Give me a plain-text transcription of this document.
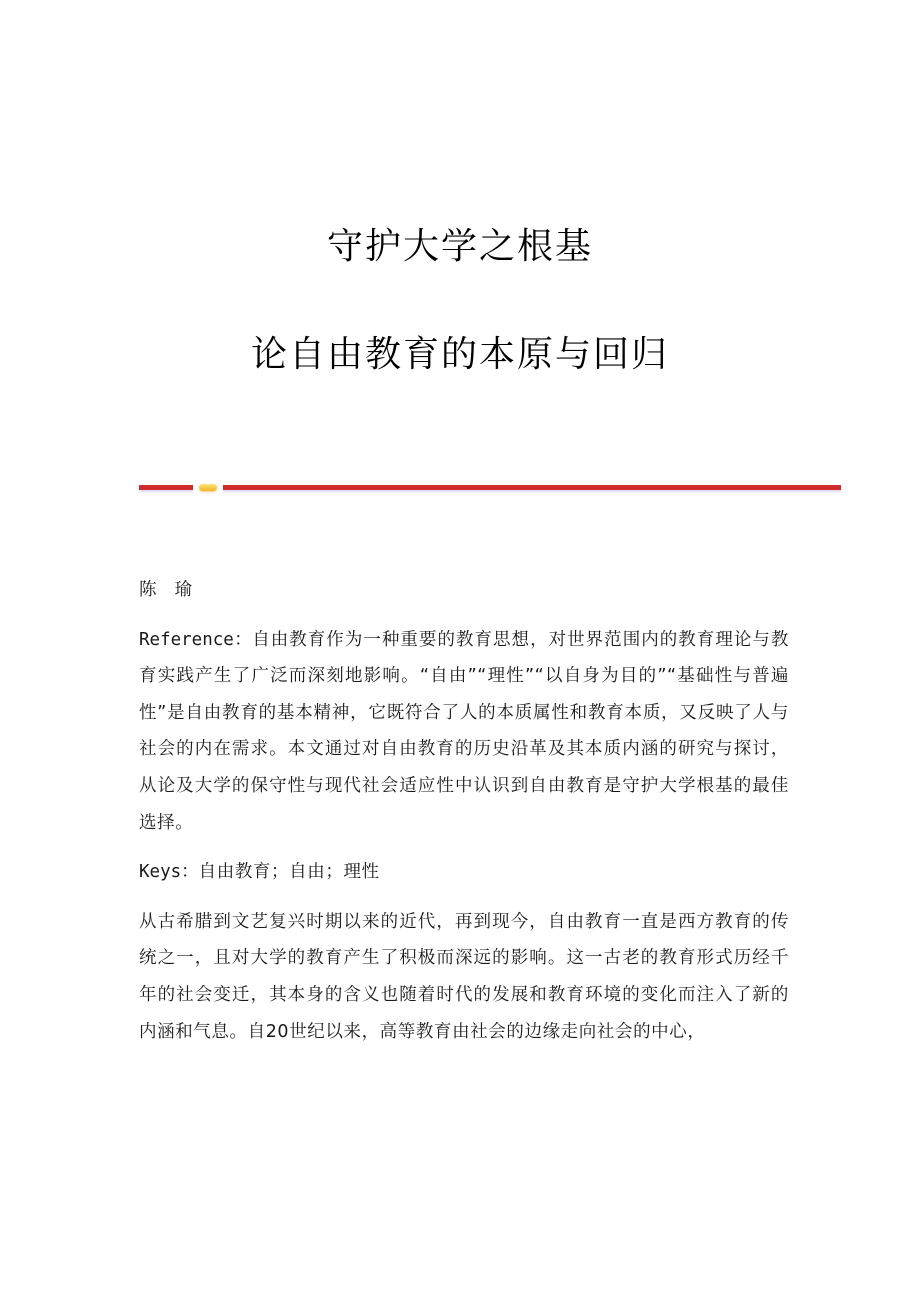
守护大学之根基
论自由教育的本原与回归

陈瑜

Reference：自由教育作为一种重要的教育思想，对世界范围内的教育理论与教育实践产生了广泛而深刻地影响。“自由”“理性”“以自身为目的”“基础性与普遍性”是自由教育的基本精神，它既符合了人的本质属性和教育本质，又反映了人与社会的内在需求。本文通过对自由教育的历史沿革及其本质内涵的研究与探讨，从论及大学的保守性与现代社会适应性中认识到自由教育是守护大学根基的最佳选择。

Keys：自由教育；自由；理性

从古希腊到文艺复兴时期以来的近代，再到现今，自由教育一直是西方教育的传统之一，且对大学的教育产生了积极而深远的影响。这一古老的教育形式历经千年的社会变迁，其本身的含义也随着时代的发展和教育环境的变化而注入了新的内涵和气息。自20世纪以来，高等教育由社会的边缘走向社会的中心，
